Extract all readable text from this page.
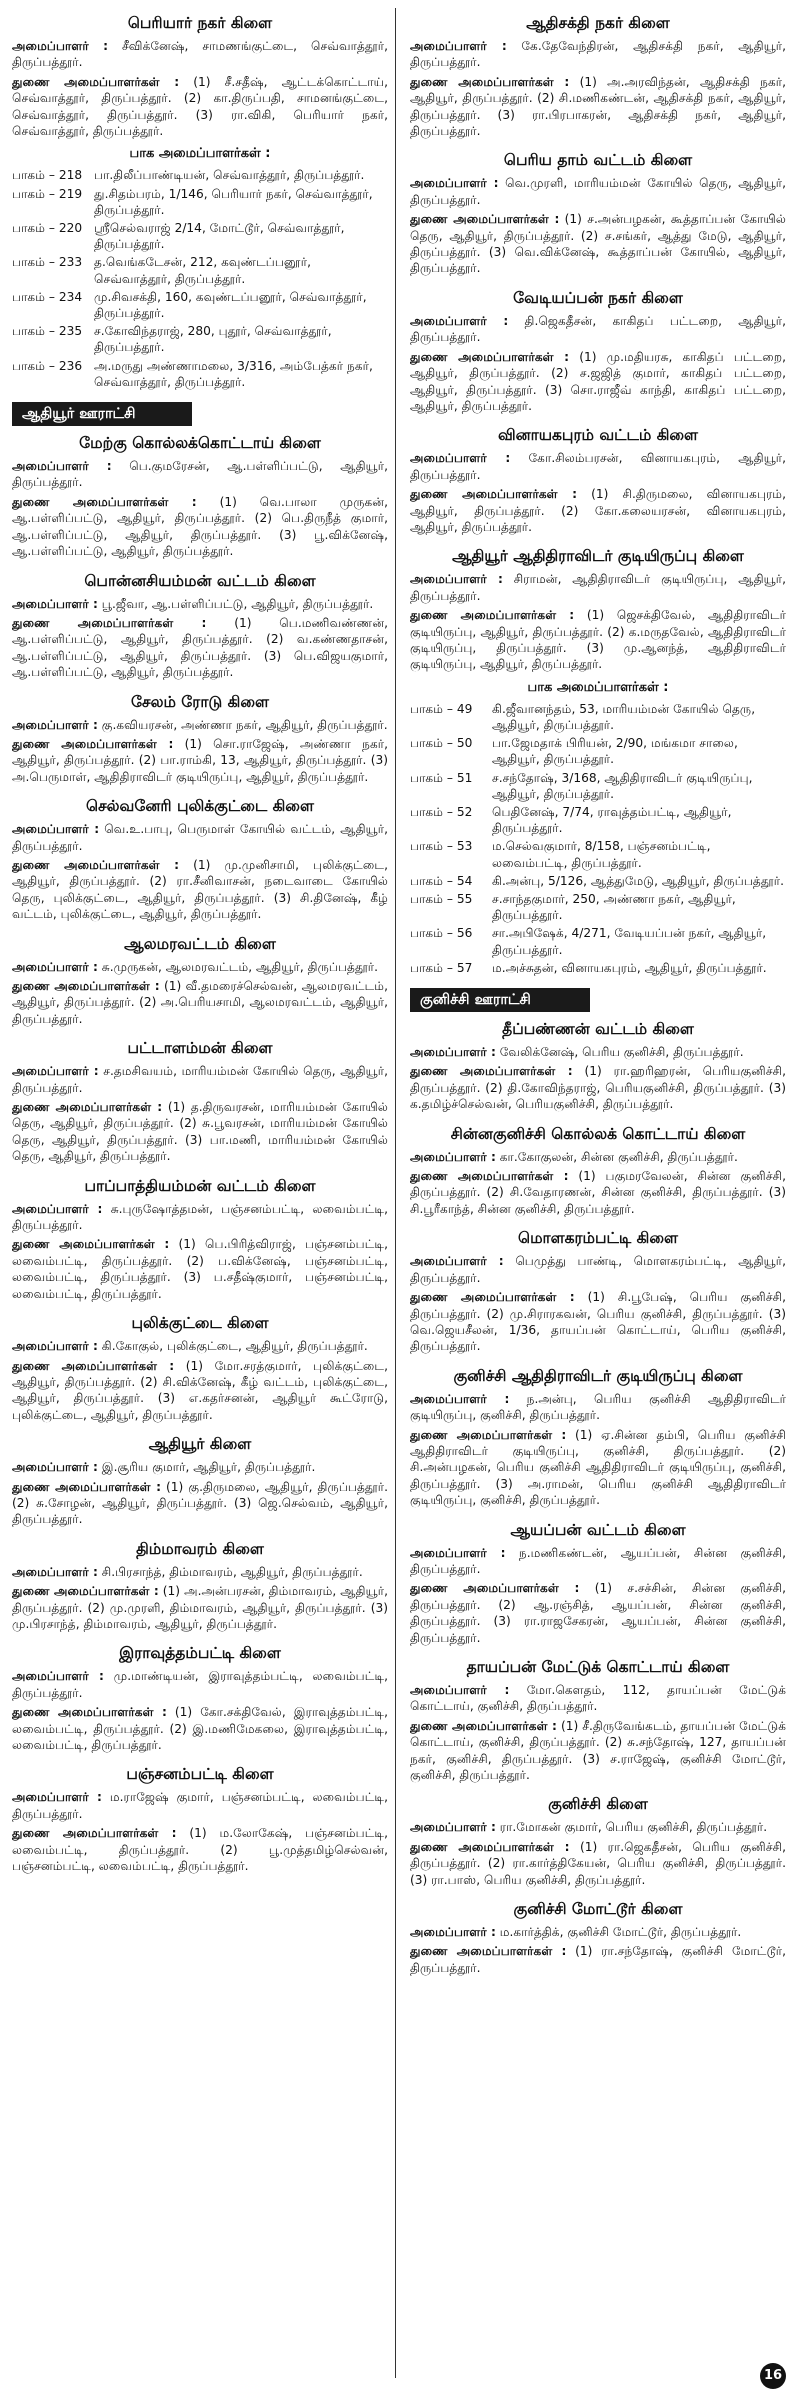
பெரியார் நகர் கிளை
அமைப்பாளர் : சீவிக்னேஷ், சாமணங்குட்டை, செவ்வாத்தூர், திருப்பத்தூர்.
துணை அமைப்பாளர்கள் : (1) சீ.சதீஷ், ஆட்டக்கொட்டாய், செவ்வாத்தூர், திருப்பத்தூர். (2) கா.திருப்பதி, சாமனங்குட்டை, செவ்வாத்தூர், திருப்பத்தூர். (3) ரா.விகி, பெரியார் நகர், செவ்வாத்தூர், திருப்பத்தூர்.
பாக அமைப்பாளர்கள் :
பாகம் – 218 பா.திலீப்பாண்டியன், செவ்வாத்தூர், திருப்பத்தூர்.
பாகம் – 219 து.சிதம்பரம், 1/146, பெரியார் நகர், செவ்வாத்தூர், திருப்பத்தூர்.
பாகம் – 220 ஸ்ரீசெல்வராஜ் 2/14, மோட்டூர், செவ்வாத்தூர், திருப்பத்தூர்.
பாகம் – 233 த.வெங்கடேசன், 212, கவுண்டப்பனூர், செவ்வாத்தூர், திருப்பத்தூர்.
பாகம் – 234 மு.சிவசக்தி, 160, கவுண்டப்பனூர், செவ்வாத்தூர், திருப்பத்தூர்.
பாகம் – 235 ச.கோவிந்தராஜ், 280, புதூர், செவ்வாத்தூர், திருப்பத்தூர்.
பாகம் – 236 அ.மருது அண்ணாமலை, 3/316, அம்பேத்கர் நகர், செவ்வாத்தூர், திருப்பத்தூர்.
ஆதியூர் ஊராட்சி
மேற்கு கொல்லக்கொட்டாய் கிளை
அமைப்பாளர் : பெ.குமரேசன், ஆ.பள்ளிப்பட்டு, ஆதியூர், திருப்பத்தூர்.
துணை அமைப்பாளர்கள் : (1) வெ.பாலா முருகன், ஆ.பள்ளிப்பட்டு, ஆதியூர், திருப்பத்தூர். (2) பெ.திருநீத் குமார், ஆ.பள்ளிப்பட்டு, ஆதியூர், திருப்பத்தூர். (3) பூ.விக்னேஷ், ஆ.பள்ளிப்பட்டு, ஆதியூர், திருப்பத்தூர்.
பொன்னசியம்மன் வட்டம் கிளை
அமைப்பாளர் : பூ.ஜீவா, ஆ.பள்ளிப்பட்டு, ஆதியூர், திருப்பத்தூர்.
துணை அமைப்பாளர்கள் : (1) பெ.மணிவண்ணன், ஆ.பள்ளிப்பட்டு, ஆதியூர், திருப்பத்தூர். (2) வ.கண்ணதாசன், ஆ.பள்ளிப்பட்டு, ஆதியூர், திருப்பத்தூர். (3) பெ.விஜயகுமார், ஆ.பள்ளிப்பட்டு, ஆதியூர், திருப்பத்தூர்.
சேலம் ரோடு கிளை
அமைப்பாளர் : கு.கவியரசன், அண்ணா நகர், ஆதியூர், திருப்பத்தூர்.
துணை அமைப்பாளர்கள் : (1) சொ.ராஜேஷ், அண்ணா நகர், ஆதியூர், திருப்பத்தூர். (2) பா.ராம்கி, 13, ஆதியூர், திருப்பத்தூர். (3) அ.பெருமாள், ஆதிதிராவிடர் குடியிருப்பு, ஆதியூர், திருப்பத்தூர்.
செல்வனேரி புலிக்குட்டை கிளை
அமைப்பாளர் : வெ.உ.பாபு, பெருமாள் கோயில் வட்டம், ஆதியூர், திருப்பத்தூர்.
துணை அமைப்பாளர்கள் : (1) மு.முனிசாமி, புலிக்குட்டை, ஆதியூர், திருப்பத்தூர். (2) ரா.சீனிவாசன், நடைவாடை கோயில் தெரு, புலிக்குட்டை, ஆதியூர், திருப்பத்தூர். (3) சி.தினேஷ், கீழ் வட்டம், புலிக்குட்டை, ஆதியூர், திருப்பத்தூர்.
ஆலமரவட்டம் கிளை
அமைப்பாளர் : சு.முருகன், ஆலமரவட்டம், ஆதியூர், திருப்பத்தூர்.
துணை அமைப்பாளர்கள் : (1) வீ.தமரைச்செல்வன், ஆலமரவட்டம், ஆதியூர், திருப்பத்தூர். (2) அ.பெரியசாமி, ஆலமரவட்டம், ஆதியூர், திருப்பத்தூர்.
பட்டாளம்மன் கிளை
அமைப்பாளர் : ச.தமசிவயம், மாரியம்மன் கோயில் தெரு, ஆதியூர், திருப்பத்தூர்.
துணை அமைப்பாளர்கள் : (1) த.திருவரசன், மாரியம்மன் கோயில் தெரு, ஆதியூர், திருப்பத்தூர். (2) சு.பூவரசன், மாரியம்மன் கோயில் தெரு, ஆதியூர், திருப்பத்தூர். (3) பா.மணி, மாரியம்மன் கோயில் தெரு, ஆதியூர், திருப்பத்தூர்.
பாப்பாத்தியம்மன் வட்டம் கிளை
அமைப்பாளர் : சு.புருஷோத்தமன், பஞ்சனம்பட்டி, லவைம்பட்டி, திருப்பத்தூர்.
துணை அமைப்பாளர்கள் : (1) பெ.பிரித்விராஜ், பஞ்சனம்பட்டி, லவைம்பட்டி, திருப்பத்தூர். (2) ப.விக்னேஷ், பஞ்சனம்பட்டி, லவைம்பட்டி, திருப்பத்தூர். (3) ப.சதீஷ்குமார், பஞ்சனம்பட்டி, லவைம்பட்டி, திருப்பத்தூர்.
புலிக்குட்டை கிளை
அமைப்பாளர் : கி.கோகுல், புலிக்குட்டை, ஆதியூர், திருப்பத்தூர்.
துணை அமைப்பாளர்கள் : (1) மோ.சரத்குமார், புலிக்குட்டை, ஆதியூர், திருப்பத்தூர். (2) சி.விக்னேஷ், கீழ் வட்டம், புலிக்குட்டை, ஆதியூர், திருப்பத்தூர். (3) எ.கதர்சனன், ஆதியூர் கூட்ரோடு, புலிக்குட்டை, ஆதியூர், திருப்பத்தூர்.
ஆதியூர் கிளை
அமைப்பாளர் : இ.சூரிய குமார், ஆதியூர், திருப்பத்தூர்.
துணை அமைப்பாளர்கள் : (1) கு.திருமலை, ஆதியூர், திருப்பத்தூர். (2) சு.சோழன், ஆதியூர், திருப்பத்தூர். (3) ஜெ.செல்வம், ஆதியூர், திருப்பத்தூர்.
திம்மாவரம் கிளை
அமைப்பாளர் : சி.பிரசாந்த், திம்மாவரம், ஆதியூர், திருப்பத்தூர்.
துணை அமைப்பாளர்கள் : (1) அ.அன்பரசன், திம்மாவரம், ஆதியூர், திருப்பத்தூர். (2) மு.முரளி, திம்மாவரம், ஆதியூர், திருப்பத்தூர். (3) மு.பிரசாந்த், திம்மாவரம், ஆதியூர், திருப்பத்தூர்.
இராவுத்தம்பட்டி கிளை
அமைப்பாளர் : மு.மாண்டியன், இராவுத்தம்பட்டி, லவைம்பட்டி, திருப்பத்தூர்.
துணை அமைப்பாளர்கள் : (1) கோ.சக்திவேல், இராவுத்தம்பட்டி, லவைம்பட்டி, திருப்பத்தூர். (2) இ.மணிமேகலை, இராவுத்தம்பட்டி, லவைம்பட்டி, திருப்பத்தூர்.
பஞ்சனம்பட்டி கிளை
அமைப்பாளர் : ம.ராஜேஷ் குமார், பஞ்சனம்பட்டி, லவைம்பட்டி, திருப்பத்தூர்.
துணை அமைப்பாளர்கள் : (1) ம.லோகேஷ், பஞ்சனம்பட்டி, லவைம்பட்டி, திருப்பத்தூர். (2) பூ.முத்தமிழ்செல்வன், பஞ்சனம்பட்டி, லவைம்பட்டி, திருப்பத்தூர்.
ஆதிசக்தி நகர் கிளை
அமைப்பாளர் : கே.தேவேந்திரன், ஆதிசக்தி நகர், ஆதியூர், திருப்பத்தூர்.
துணை அமைப்பாளர்கள் : (1) அ.அரவிந்தன், ஆதிசக்தி நகர், ஆதியூர், திருப்பத்தூர். (2) சி.மணிகண்டன், ஆதிசக்தி நகர், ஆதியூர், திருப்பத்தூர். (3) ரா.பிரபாகரன், ஆதிசக்தி நகர், ஆதியூர், திருப்பத்தூர்.
பெரிய தாம் வட்டம் கிளை
அமைப்பாளர் : வெ.முரளி, மாரியம்மன் கோயில் தெரு, ஆதியூர், திருப்பத்தூர்.
துணை அமைப்பாளர்கள் : (1) ச.அன்பழகன், கூத்தாப்பன் கோயில் தெரு, ஆதியூர், திருப்பத்தூர். (2) ச.சங்கர், ஆத்து மேடு, ஆதியூர், திருப்பத்தூர். (3) வெ.விக்னேஷ், கூத்தாப்பன் கோயில், ஆதியூர், திருப்பத்தூர்.
வேடியப்பன் நகர் கிளை
அமைப்பாளர் : தி.ஜெகதீசன், காகிதப் பட்டறை, ஆதியூர், திருப்பத்தூர்.
துணை அமைப்பாளர்கள் : (1) மு.மதியரசு, காகிதப் பட்டறை, ஆதியூர், திருப்பத்தூர். (2) ச.ஜஜித் குமார், காகிதப் பட்டறை, ஆதியூர், திருப்பத்தூர். (3) சொ.ராஜீவ் காந்தி, காகிதப் பட்டறை, ஆதியூர், திருப்பத்தூர்.
வினாயகபுரம் வட்டம் கிளை
அமைப்பாளர் : கோ.சிலம்பரசன், வினாயகபுரம், ஆதியூர், திருப்பத்தூர்.
துணை அமைப்பாளர்கள் : (1) சி.திருமலை, வினாயகபுரம், ஆதியூர், திருப்பத்தூர். (2) கோ.கலையரசன், வினாயகபுரம், ஆதியூர், திருப்பத்தூர்.
ஆதியூர் ஆதிதிராவிடர் குடியிருப்பு கிளை
அமைப்பாளர் : சிராமன், ஆதிதிராவிடர் குடியிருப்பு, ஆதியூர், திருப்பத்தூர்.
துணை அமைப்பாளர்கள் : (1) ஜெசக்திவேல், ஆதிதிராவிடர் குடியிருப்பு, ஆதியூர், திருப்பத்தூர். (2) க.மருதவேல், ஆதிதிராவிடர் குடியிருப்பு, திருப்பத்தூர். (3) மு.ஆனந்த், ஆதிதிராவிடர் குடியிருப்பு, ஆதியூர், திருப்பத்தூர்.
பாக அமைப்பாளர்கள் :
பாகம் – 49	கி.ஜீவானந்தம், 53, மாரியம்மன் கோயில் தெரு, ஆதியூர், திருப்பத்தூர்.
பாகம் – 50	பா.ஜேமதாக் பிரியன், 2/90, மங்கமா சாலை, ஆதியூர், திருப்பத்தூர்.
பாகம் – 51	ச.சந்தோஷ், 3/168, ஆதிதிராவிடர் குடியிருப்பு, ஆதியூர், திருப்பத்தூர்.
பாகம் – 52	பெதினேஷ், 7/74, ராவுத்தம்பட்டி, ஆதியூர், திருப்பத்தூர்.
பாகம் – 53	ம.செல்வகுமார், 8/158, பஞ்சனம்பட்டி, லவைம்பட்டி, திருப்பத்தூர்.
பாகம் – 54	கி.அன்பு, 5/126, ஆத்துமேடு, ஆதியூர், திருப்பத்தூர்.
பாகம் – 55	ச.சாந்தகுமார், 250, அண்ணா நகர், ஆதியூர், திருப்பத்தூர்.
பாகம் – 56	சா.அபிஷேக், 4/271, வேடியப்பன் நகர், ஆதியூர், திருப்பத்தூர்.
பாகம் – 57	ம.அச்சுதன், வினாயகபுரம், ஆதியூர், திருப்பத்தூர்.
குனிச்சி ஊராட்சி
தீப்பண்ணன் வட்டம் கிளை
அமைப்பாளர் : வேலிக்னேஷ், பெரிய குனிச்சி, திருப்பத்தூர்.
துணை அமைப்பாளர்கள் : (1) ரா.ஹரிஹரன், பெரியகுனிச்சி, திருப்பத்தூர். (2) தி.கோவிந்தராஜ், பெரியகுனிச்சி, திருப்பத்தூர். (3) க.தமிழ்ச்செல்வன், பெரியகுனிச்சி, திருப்பத்தூர்.
சின்னகுனிச்சி கொல்லக் கொட்டாய் கிளை
அமைப்பாளர் : கா.கோகுலன், சின்ன குனிச்சி, திருப்பத்தூர்.
துணை அமைப்பாளர்கள் : (1) பகுமரவேலன், சின்ன குனிச்சி, திருப்பத்தூர். (2) சி.வேதாரணன், சின்ன குனிச்சி, திருப்பத்தூர். (3) சி.பூரீகாந்த், சின்ன குனிச்சி, திருப்பத்தூர்.
மொளகரம்பட்டி கிளை
அமைப்பாளர் : பெமுத்து பாண்டி, மொளகரம்பட்டி, ஆதியூர், திருப்பத்தூர்.
துணை அமைப்பாளர்கள் : (1) சி.பூபேஷ், பெரிய குனிச்சி, திருப்பத்தூர். (2) மு.சிராரகவன், பெரிய குனிச்சி, திருப்பத்தூர். (3) வெ.ஜெயசீலன், 1/36, தாயப்பன் கொட்டாய், பெரிய குனிச்சி, திருப்பத்தூர்.
குனிச்சி ஆதிதிராவிடர் குடியிருப்பு கிளை
அமைப்பாளர் : ந.அன்பு, பெரிய குனிச்சி ஆதிதிராவிடர் குடியிருப்பு, குனிச்சி, திருப்பத்தூர்.
துணை அமைப்பாளர்கள் : (1) ஏ.சின்ன தம்பி, பெரிய குனிச்சி ஆதிதிராவிடர் குடியிருப்பு, குனிச்சி, திருப்பத்தூர். (2) சி.அன்பழகன், பெரிய குனிச்சி ஆதிதிராவிடர் குடியிருப்பு, குனிச்சி, திருப்பத்தூர். (3) அ.ராமன், பெரிய குனிச்சி ஆதிதிராவிடர் குடியிருப்பு, குனிச்சி, திருப்பத்தூர்.
ஆயப்பன் வட்டம் கிளை
அமைப்பாளர் : ந.மணிகண்டன், ஆயப்பன், சின்ன குனிச்சி, திருப்பத்தூர்.
துணை அமைப்பாளர்கள் : (1) ச.சச்சின், சின்ன குனிச்சி, திருப்பத்தூர். (2) ஆ.ரஞ்சித், ஆயப்பன், சின்ன குனிச்சி, திருப்பத்தூர். (3) ரா.ராஜசேகரன், ஆயப்பன், சின்ன குனிச்சி, திருப்பத்தூர்.
தாயப்பன் மேட்டுக் கொட்டாய் கிளை
அமைப்பாளர் : மோ.கௌதம், 112, தாயப்பன் மேட்டுக் கொட்டாய், குனிச்சி, திருப்பத்தூர்.
துணை அமைப்பாளர்கள் : (1) சீ.திருவேங்கடம், தாயப்பன் மேட்டுக் கொட்டாய், குனிச்சி, திருப்பத்தூர். (2) சு.சந்தோஷ், 127, தாயப்பன் நகர், குனிச்சி, திருப்பத்தூர். (3) ச.ராஜேஷ், குனிச்சி மோட்டூர், குனிச்சி, திருப்பத்தூர்.
குனிச்சி கிளை
அமைப்பாளர் : ரா.மோகன் குமார், பெரிய குனிச்சி, திருப்பத்தூர்.
துணை அமைப்பாளர்கள் : (1) ரா.ஜெகதீசன், பெரிய குனிச்சி, திருப்பத்தூர். (2) ரா.கார்த்திகேயன், பெரிய குனிச்சி, திருப்பத்தூர். (3) ரா.பாஸ், பெரிய குனிச்சி, திருப்பத்தூர்.
குனிச்சி மோட்டூர் கிளை
அமைப்பாளர் : ம.கார்த்திக், குனிச்சி மோட்டூர், திருப்பத்தூர்.
துணை அமைப்பாளர்கள் : (1) ரா.சந்தோஷ், குனிச்சி மோட்டூர், திருப்பத்தூர்.
16
